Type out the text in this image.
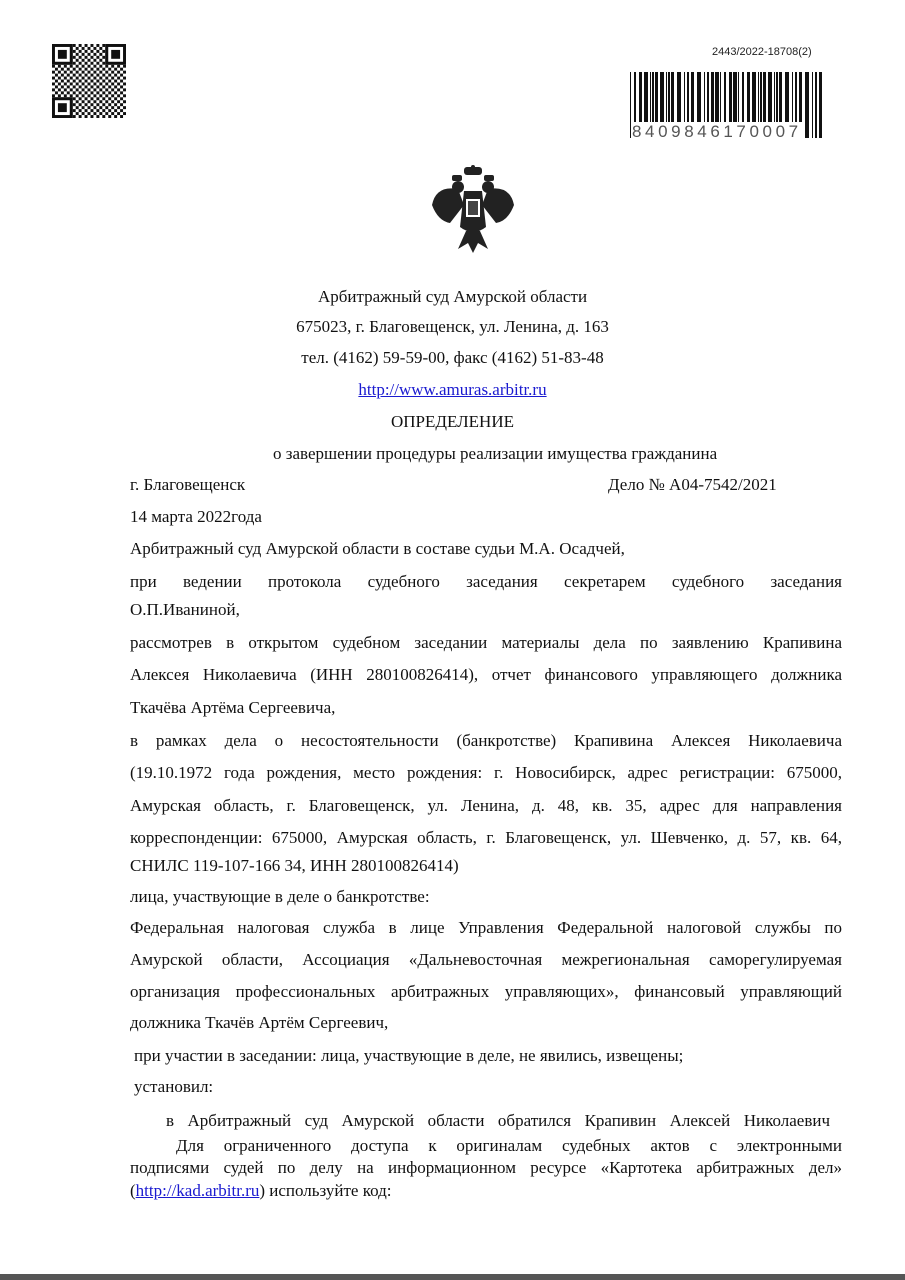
2443/2022-18708(2)
8409846170007
Арбитражный суд Амурской области
675023, г. Благовещенск, ул. Ленина, д. 163
тел. (4162) 59-59-00, факс (4162) 51-83-48
http://www.amuras.arbitr.ru
ОПРЕДЕЛЕНИЕ
о завершении процедуры реализации имущества гражданина
г. Благовещенск	Дело № А04-7542/2021
14 марта 2022года
Арбитражный суд Амурской области в составе судьи М.А. Осадчей,
при ведении протокола судебного заседания секретарем судебного заседания
О.П.Иваниной,
рассмотрев в открытом судебном заседании материалы дела по заявлению Крапивина
Алексея Николаевича (ИНН 280100826414), отчет финансового управляющего должника
Ткачёва Артёма Сергеевича,
в рамках дела о несостоятельности (банкротстве) Крапивина Алексея Николаевича
(19.10.1972 года рождения, место рождения: г. Новосибирск, адрес регистрации: 675000,
Амурская область, г. Благовещенск, ул. Ленина, д. 48, кв. 35, адрес для направления
корреспонденции: 675000, Амурская область, г. Благовещенск, ул. Шевченко, д. 57, кв. 64,
СНИЛС 119-107-166 34, ИНН 280100826414)
лица, участвующие в деле о банкротстве:
Федеральная налоговая служба в лице Управления Федеральной налоговой службы по
Амурской области, Ассоциация «Дальневосточная межрегиональная саморегулируемая
организация профессиональных арбитражных управляющих», финансовый управляющий
должника Ткачёв Артём Сергеевич,
при участии в заседании: лица, участвующие в деле, не явились, извещены;
установил:
в Арбитражный суд Амурской области обратился Крапивин Алексей Николаевич
Для ограниченного доступа к оригиналам судебных актов с электронными
подписями судей по делу на информационном ресурсе «Картотека арбитражных дел»
(http://kad.arbitr.ru) используйте код:
